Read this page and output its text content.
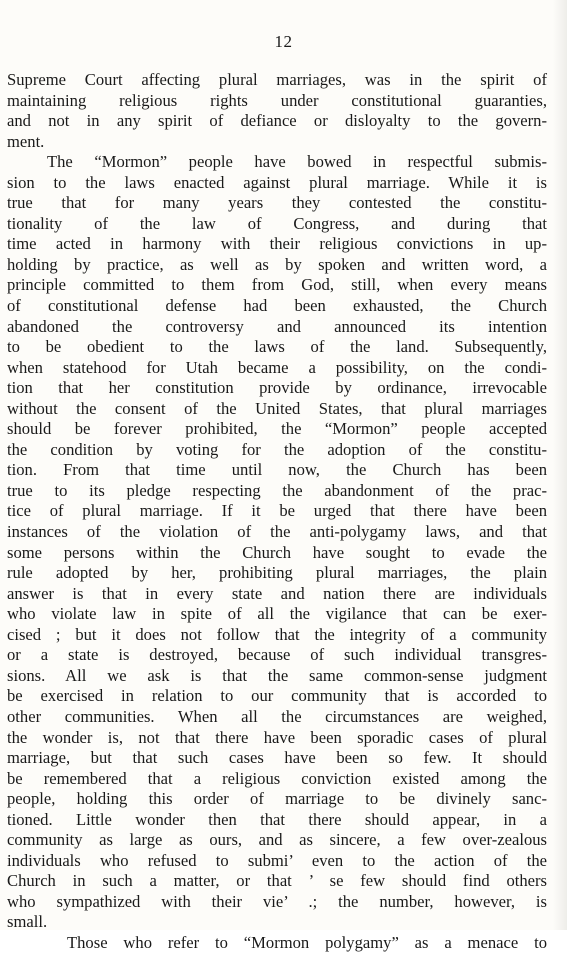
12
Supreme Court affecting plural marriages, was in the spirit of
maintaining religious rights under constitutional guaranties,
and not in any spirit of defiance or disloyalty to the govern-
ment.
The “Mormon” people have bowed in respectful submis-
sion to the laws enacted against plural marriage. While it is
true that for many years they contested the constitu-
tionality of the law of Congress, and during that
time acted in harmony with their religious convictions in up-
holding by practice, as well as by spoken and written word, a
principle committed to them from God, still, when every means
of constitutional defense had been exhausted, the Church
abandoned the controversy and announced its intention
to be obedient to the laws of the land. Subsequently,
when statehood for Utah became a possibility, on the condi-
tion that her constitution provide by ordinance, irrevocable
without the consent of the United States, that plural marriages
should be forever prohibited, the “Mormon” people accepted
the condition by voting for the adoption of the constitu-
tion. From that time until now, the Church has been
true to its pledge respecting the abandonment of the prac-
tice of plural marriage. If it be urged that there have been
instances of the violation of the anti-polygamy laws, and that
some persons within the Church have sought to evade the
rule adopted by her, prohibiting plural marriages, the plain
answer is that in every state and nation there are individuals
who violate law in spite of all the vigilance that can be exer-
cised ; but it does not follow that the integrity of a community
or a state is destroyed, because of such individual transgres-
sions. All we ask is that the same common-sense judgment
be exercised in relation to our community that is accorded to
other communities. When all the circumstances are weighed,
the wonder is, not that there have been sporadic cases of plural
marriage, but that such cases have been so few. It should
be remembered that a religious conviction existed among the
people, holding this order of marriage to be divinely sanc-
tioned. Little wonder then that there should appear, in a
community as large as ours, and as sincere, a few over-zealous
individuals who refused to submi’ even to the action of the
Church in such a matter, or that ’ se few should find others
who sympathized with their vie’ .; the number, however, is
small.
Those who refer to “Mormon polygamy” as a menace to
